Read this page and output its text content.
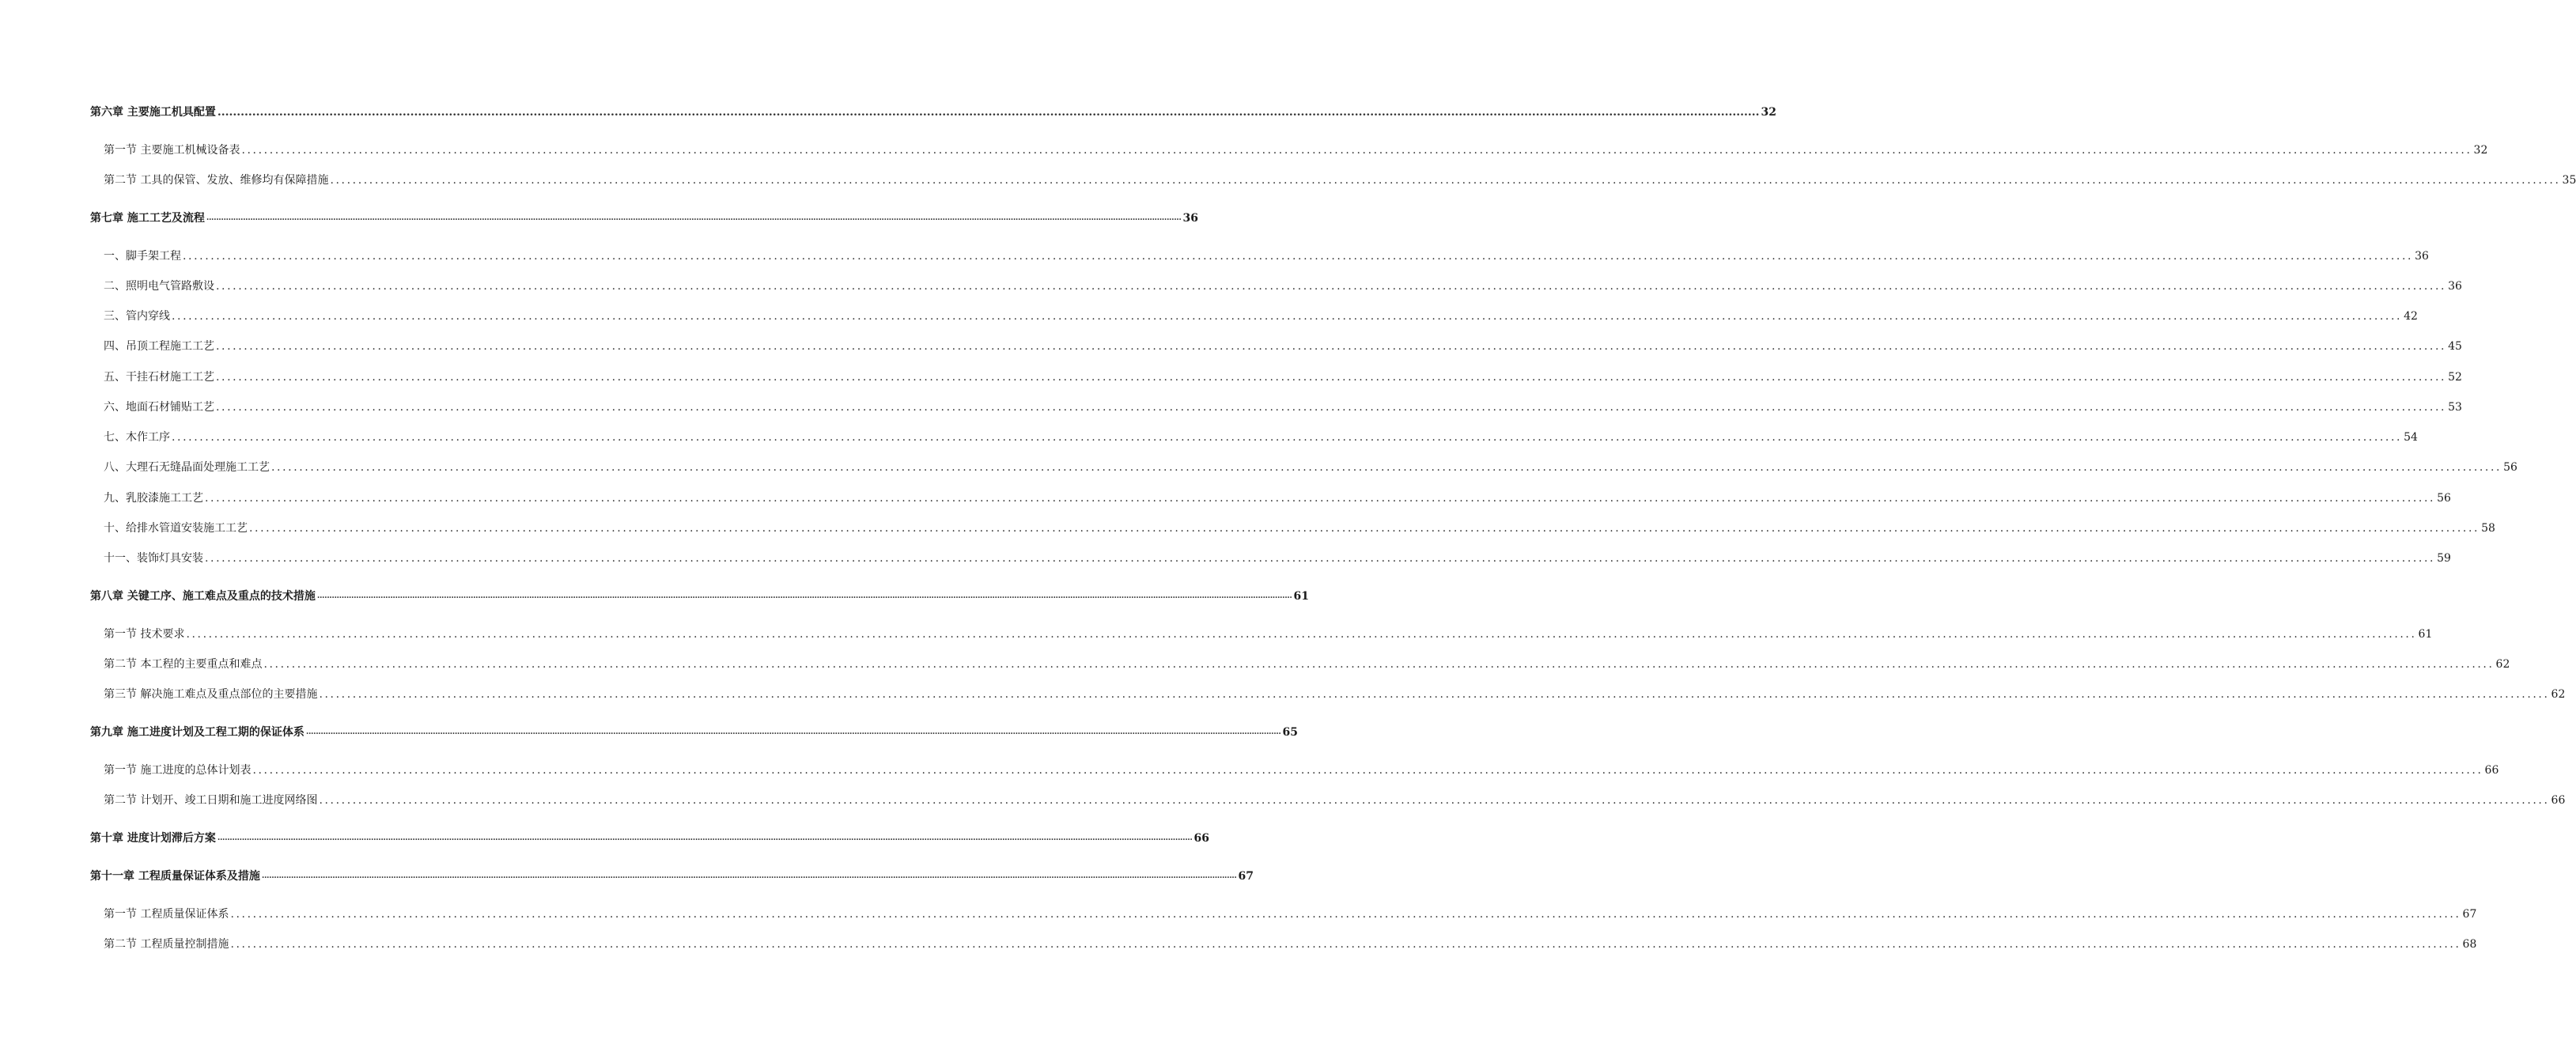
第六章 主要施工机具配置 ................................................................................................................................................................................................................................................................................................................................................................................................................ 32
第一节 主要施工机械设备表 ................................................................................................................................................................................................................................................................................................................................................................................................................ 32
第二节 工具的保管、发放、维修均有保障措施 ................................................................................................................................................................................................................................................................................................................................................................................................................ 35
第七章 施工工艺及流程 ................................................................................................................................................................................................................................................................................................................................................................................................................ 36
一、脚手架工程 ................................................................................................................................................................................................................................................................................................................................................................................................................ 36
二、照明电气管路敷设 ................................................................................................................................................................................................................................................................................................................................................................................................................ 36
三、管内穿线 ................................................................................................................................................................................................................................................................................................................................................................................................................ 42
四、吊顶工程施工工艺 ................................................................................................................................................................................................................................................................................................................................................................................................................ 45
五、干挂石材施工工艺 ................................................................................................................................................................................................................................................................................................................................................................................................................ 52
六、地面石材铺贴工艺 ................................................................................................................................................................................................................................................................................................................................................................................................................ 53
七、木作工序 ................................................................................................................................................................................................................................................................................................................................................................................................................ 54
八、大理石无缝晶面处理施工工艺 ................................................................................................................................................................................................................................................................................................................................................................................................................ 56
九、乳胶漆施工工艺 ................................................................................................................................................................................................................................................................................................................................................................................................................ 56
十、给排水管道安装施工工艺 ................................................................................................................................................................................................................................................................................................................................................................................................................ 58
十一、装饰灯具安装 ................................................................................................................................................................................................................................................................................................................................................................................................................ 59
第八章 关键工序、施工难点及重点的技术措施 ................................................................................................................................................................................................................................................................................................................................................................................................................ 61
第一节 技术要求 ................................................................................................................................................................................................................................................................................................................................................................................................................ 61
第二节 本工程的主要重点和难点 ................................................................................................................................................................................................................................................................................................................................................................................................................ 62
第三节 解决施工难点及重点部位的主要措施 ................................................................................................................................................................................................................................................................................................................................................................................................................ 62
第九章 施工进度计划及工程工期的保证体系 ................................................................................................................................................................................................................................................................................................................................................................................................................ 65
第一节 施工进度的总体计划表 ................................................................................................................................................................................................................................................................................................................................................................................................................ 66
第二节 计划开、竣工日期和施工进度网络图 ................................................................................................................................................................................................................................................................................................................................................................................................................ 66
第十章 进度计划滞后方案 ................................................................................................................................................................................................................................................................................................................................................................................................................ 66
第十一章 工程质量保证体系及措施 ................................................................................................................................................................................................................................................................................................................................................................................................................ 67
第一节 工程质量保证体系 ................................................................................................................................................................................................................................................................................................................................................................................................................ 67
第二节 工程质量控制措施 ................................................................................................................................................................................................................................................................................................................................................................................................................ 68
